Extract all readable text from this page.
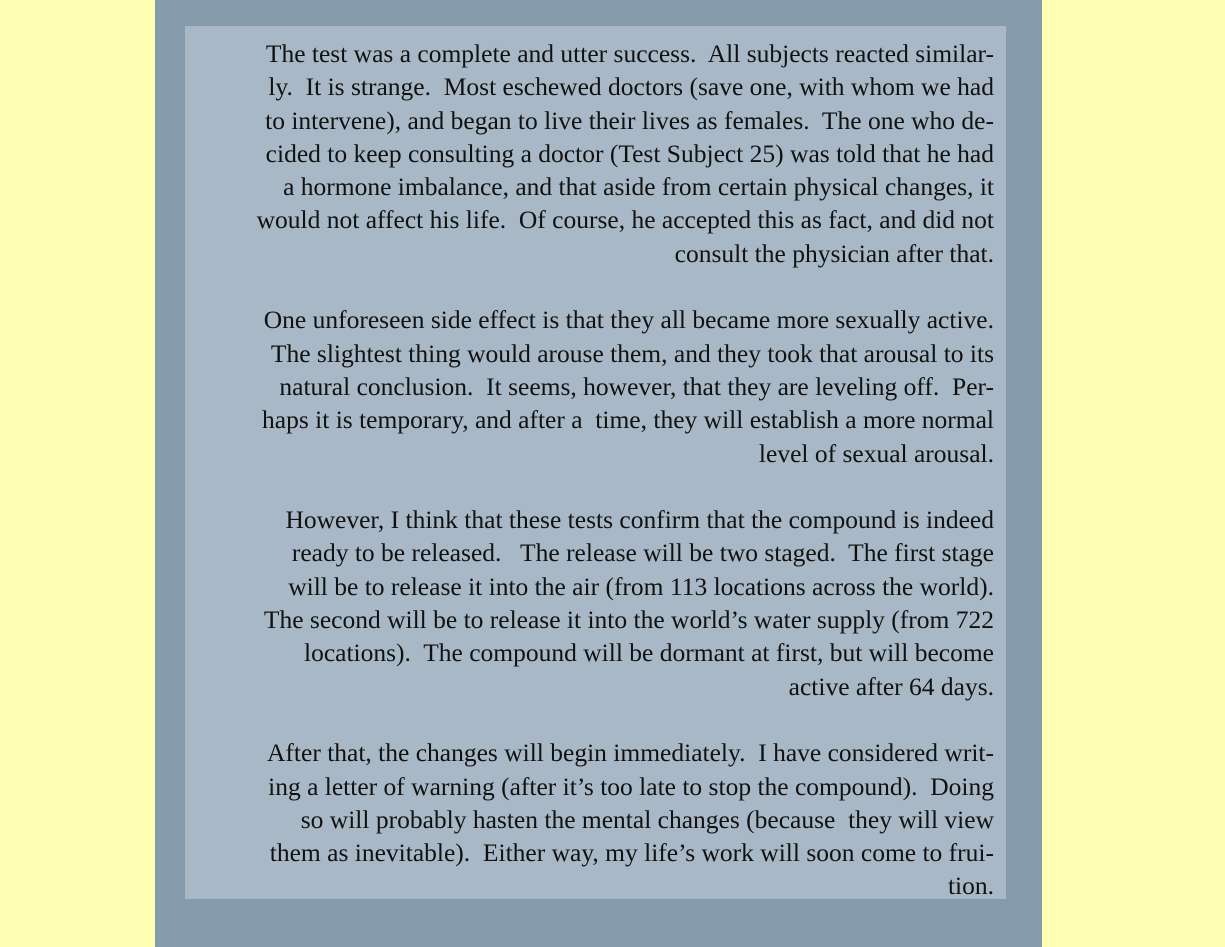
The test was a complete and utter success.  All subjects reacted similar-
ly.  It is strange.  Most eschewed doctors (save one, with whom we had
to intervene), and began to live their lives as females.  The one who de-
cided to keep consulting a doctor (Test Subject 25) was told that he had
a hormone imbalance, and that aside from certain physical changes, it
would not affect his life.  Of course, he accepted this as fact, and did not
consult the physician after that.
One unforeseen side effect is that they all became more sexually active.
The slightest thing would arouse them, and they took that arousal to its
natural conclusion.  It seems, however, that they are leveling off.  Per-
haps it is temporary, and after a  time, they will establish a more normal
level of sexual arousal.
However, I think that these tests confirm that the compound is indeed
ready to be released.   The release will be two staged.  The first stage
will be to release it into the air (from 113 locations across the world).
The second will be to release it into the world’s water supply (from 722
locations).  The compound will be dormant at first, but will become
active after 64 days.
After that, the changes will begin immediately.  I have considered writ-
ing a letter of warning (after it’s too late to stop the compound).  Doing
so will probably hasten the mental changes (because  they will view
them as inevitable).  Either way, my life’s work will soon come to frui-
tion.
